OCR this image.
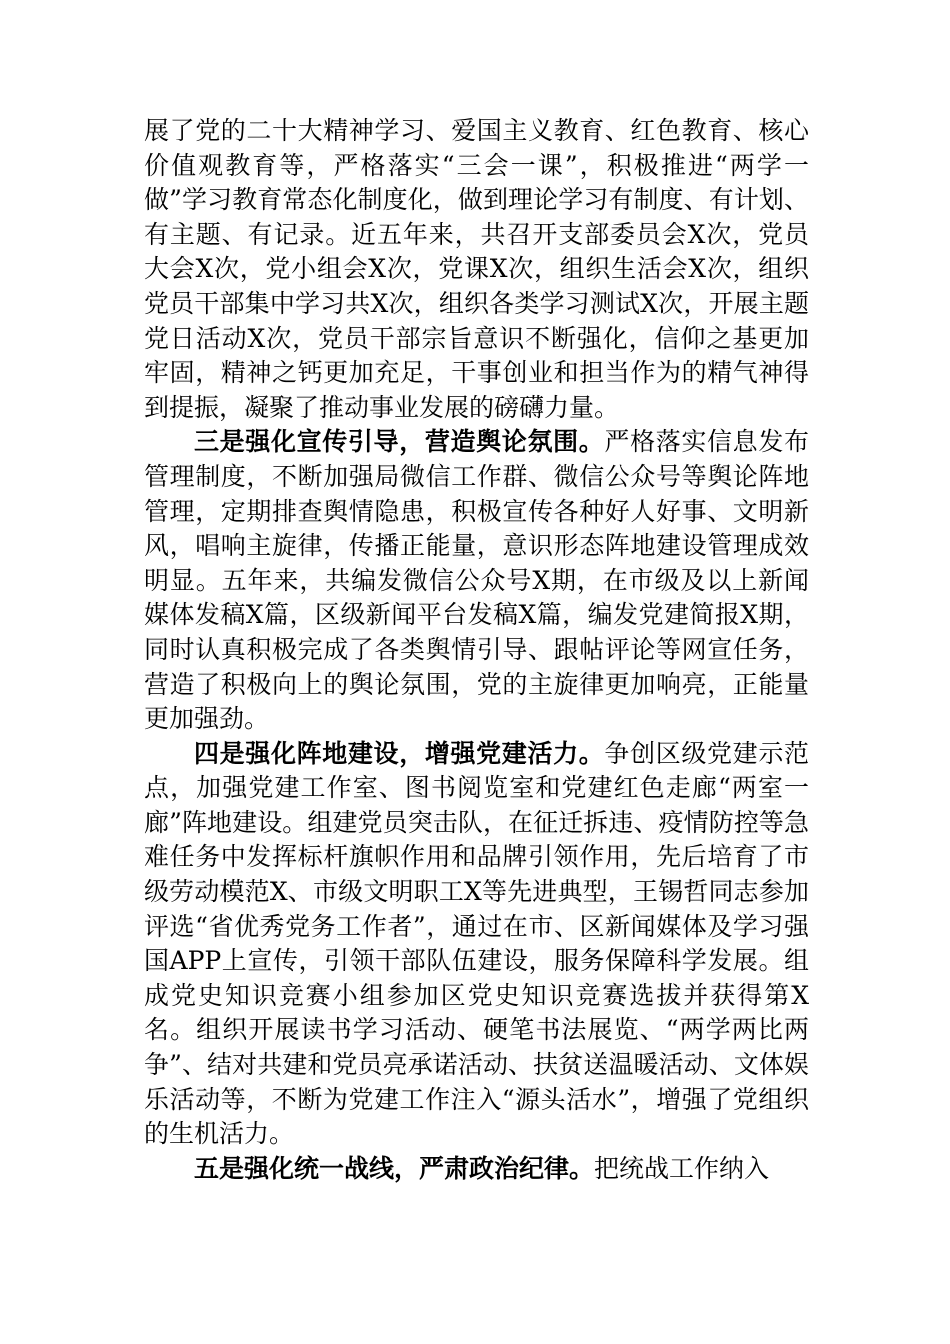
展了党的二十大精神学习、爱国主义教育、红色教育、核心价值观教育等，严格落实“三会一课”，积极推进“两学一做”学习教育常态化制度化，做到理论学习有制度、有计划、有主题、有记录。近五年来，共召开支部委员会X次，党员大会X次，党小组会X次，党课X次，组织生活会X次，组织党员干部集中学习共X次，组织各类学习测试X次，开展主题党日活动X次，党员干部宗旨意识不断强化，信仰之基更加牢固，精神之钙更加充足，干事创业和担当作为的精气神得到提振，凝聚了推动事业发展的磅礴力量。

三是强化宣传引导，营造舆论氛围。严格落实信息发布管理制度，不断加强局微信工作群、微信公众号等舆论阵地管理，定期排查舆情隐患，积极宣传各种好人好事、文明新风，唱响主旋律，传播正能量，意识形态阵地建设管理成效明显。五年来，共编发微信公众号X期，在市级及以上新闻媒体发稿X篇，区级新闻平台发稿X篇，编发党建简报X期，同时认真积极完成了各类舆情引导、跟帖评论等网宣任务，营造了积极向上的舆论氛围，党的主旋律更加响亮，正能量更加强劲。

四是强化阵地建设，增强党建活力。争创区级党建示范点，加强党建工作室、图书阅览室和党建红色走廊“两室一廊”阵地建设。组建党员突击队，在征迁拆违、疫情防控等急难任务中发挥标杆旗帜作用和品牌引领作用，先后培育了市级劳动模范X、市级文明职工X等先进典型，王锡哲同志参加评选“省优秀党务工作者”，通过在市、区新闻媒体及学习强国APP上宣传，引领干部队伍建设，服务保障科学发展。组成党史知识竞赛小组参加区党史知识竞赛选拔并获得第X名。组织开展读书学习活动、硬笔书法展览、“两学两比两争”、结对共建和党员亮承诺活动、扶贫送温暖活动、文体娱乐活动等，不断为党建工作注入“源头活水”，增强了党组织的生机活力。

五是强化统一战线，严肃政治纪律。把统战工作纳入
